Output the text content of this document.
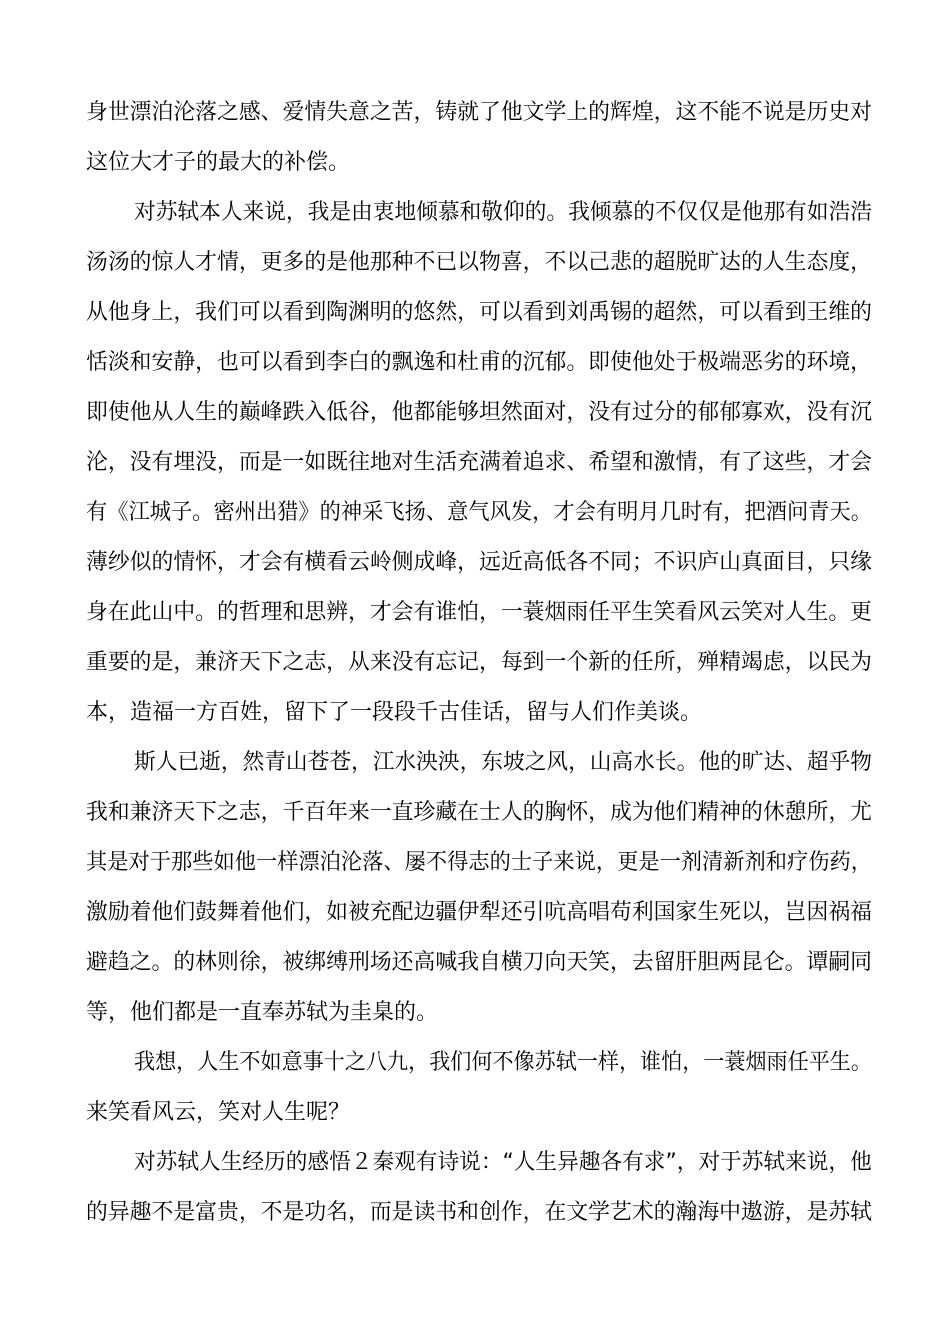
身世漂泊沦落之感、爱情失意之苦，铸就了他文学上的辉煌，这不能不说是历史对
这位大才子的最大的补偿。
对苏轼本人来说，我是由衷地倾慕和敬仰的。我倾慕的不仅仅是他那有如浩浩
汤汤的惊人才情，更多的是他那种不已以物喜，不以己悲的超脱旷达的人生态度，
从他身上，我们可以看到陶渊明的悠然，可以看到刘禹锡的超然，可以看到王维的
恬淡和安静，也可以看到李白的飘逸和杜甫的沉郁。即使他处于极端恶劣的环境，
即使他从人生的巅峰跌入低谷，他都能够坦然面对，没有过分的郁郁寡欢，没有沉
沦，没有埋没，而是一如既往地对生活充满着追求、希望和激情，有了这些，才会
有《江城子。密州出猎》的神采飞扬、意气风发，才会有明月几时有，把酒问青天。
薄纱似的情怀，才会有横看云岭侧成峰，远近高低各不同；不识庐山真面目，只缘
身在此山中。的哲理和思辨，才会有谁怕，一蓑烟雨任平生笑看风云笑对人生。更
重要的是，兼济天下之志，从来没有忘记，每到一个新的任所，殚精竭虑，以民为
本，造福一方百姓，留下了一段段千古佳话，留与人们作美谈。
斯人已逝，然青山苍苍，江水泱泱，东坡之风，山高水长。他的旷达、超乎物
我和兼济天下之志，千百年来一直珍藏在士人的胸怀，成为他们精神的休憩所，尤
其是对于那些如他一样漂泊沦落、屡不得志的士子来说，更是一剂清新剂和疗伤药，
激励着他们鼓舞着他们，如被充配边疆伊犁还引吭高唱苟利国家生死以，岂因祸福
避趋之。的林则徐，被绑缚刑场还高喊我自横刀向天笑，去留肝胆两昆仑。谭嗣同
等，他们都是一直奉苏轼为圭臬的。
我想，人生不如意事十之八九，我们何不像苏轼一样，谁怕，一蓑烟雨任平生。
来笑看风云，笑对人生呢？
对苏轼人生经历的感悟２秦观有诗说：“人生异趣各有求”，对于苏轼来说，他
的异趣不是富贵，不是功名，而是读书和创作，在文学艺术的瀚海中遨游，是苏轼
